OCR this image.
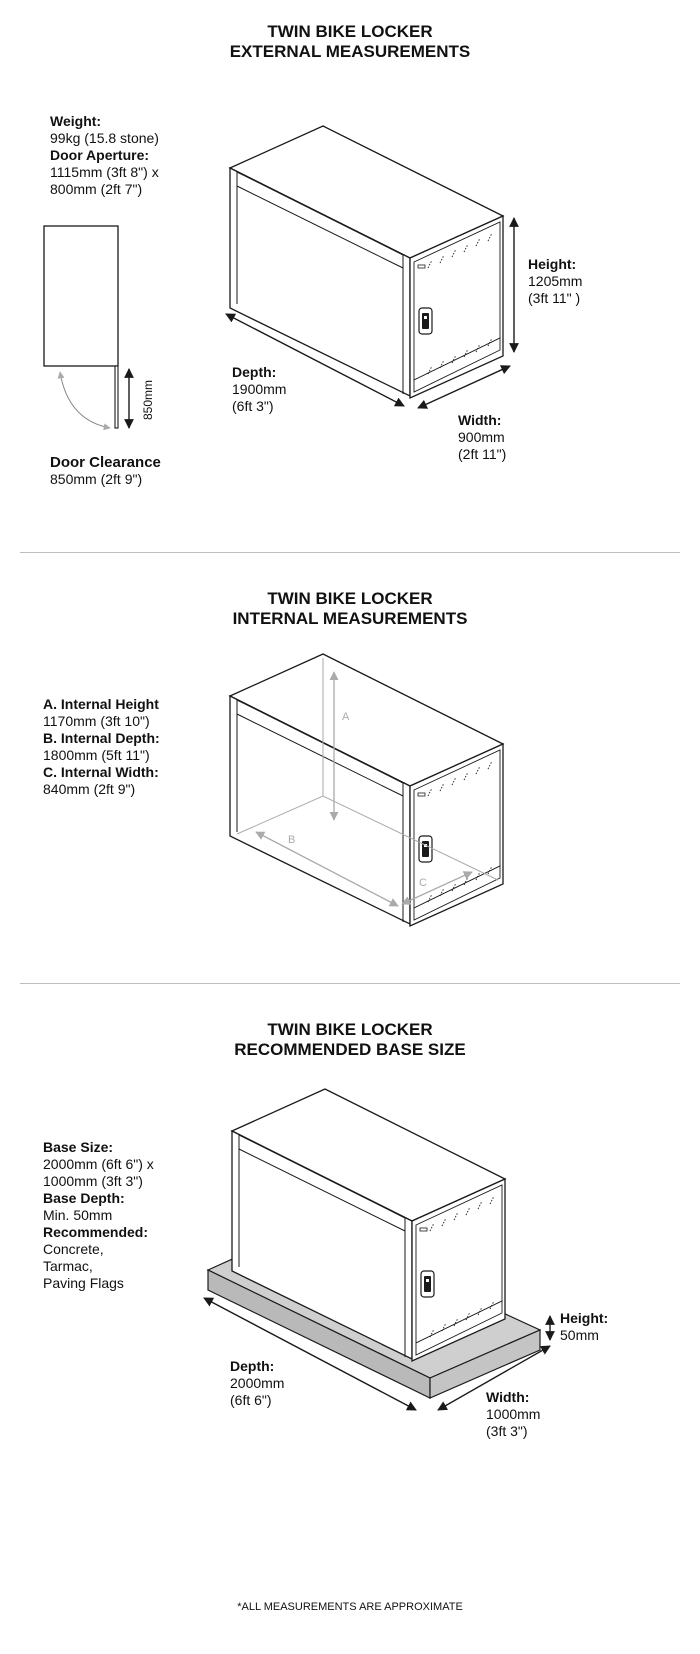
TWIN BIKE LOCKER
EXTERNAL MEASUREMENTS
Weight:
99kg (15.8 stone)
Door Aperture:
1115mm (3ft 8") x
800mm (2ft 7")
850mm
Door Clearance
850mm (2ft 9")
Height:
1205mm
(3ft 11" )
Depth:
1900mm
(6ft 3")
Width:
900mm
(2ft 11")
TWIN BIKE LOCKER
INTERNAL MEASUREMENTS
A. Internal Height
1170mm (3ft 10")
B. Internal Depth:
1800mm (5ft 11")
C. Internal Width:
840mm (2ft 9")
A
B
C
TWIN BIKE LOCKER
RECOMMENDED BASE SIZE
Base Size:
2000mm (6ft 6") x
1000mm (3ft 3")
Base Depth:
Min. 50mm
Recommended:
Concrete,
Tarmac,
Paving Flags
Height:
50mm
Depth:
2000mm
(6ft 6")	Width:
1000mm
(3ft 3")
*ALL MEASUREMENTS ARE APPROXIMATE
